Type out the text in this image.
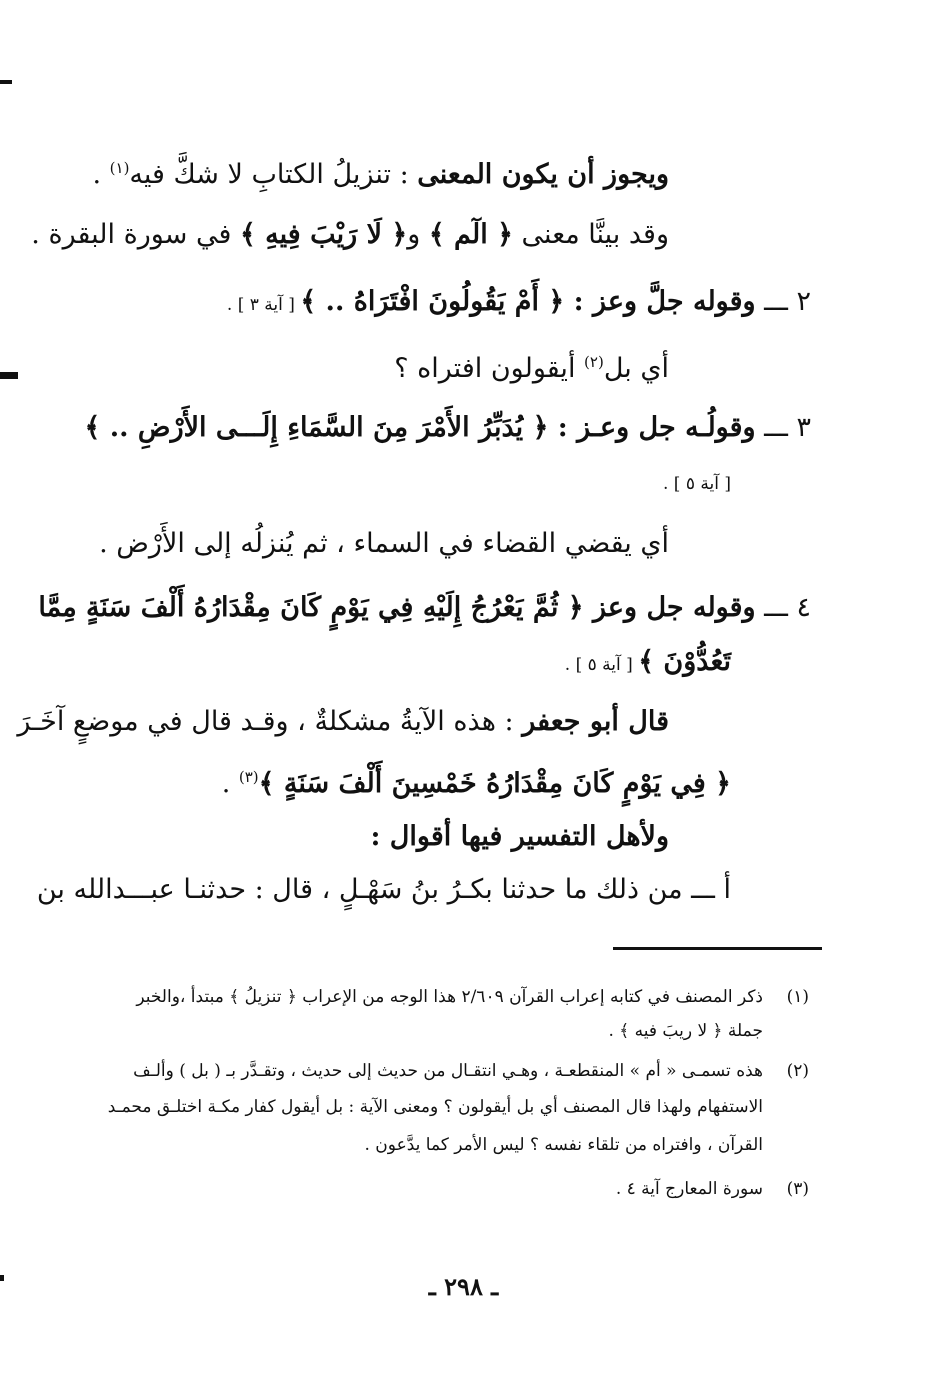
ويجوز أن يكون المعنى : تنزيلُ الكتابِ لا شكَّ فيه$^{(١)}$ .
وقد بينَّا معنى ﴿ الٓم ﴾ و﴿ لَا رَيْبَ فِيهِ ﴾ في سورة البقرة .
٢ ـــ وقوله جلَّ وعز : ﴿ أَمْ يَقُولُونَ افْتَرَاهُ .. ﴾ [ آية ٣ ] .
أي بل$^{(٢)}$ أيقولون افتراه ؟
٣ ـــ وقولُـه جل وعـز : ﴿ يُدَبِّرُ الأَمْرَ مِنَ السَّمَاءِ إِلَـــى الأَرْضِ .. ﴾
[ آية ٥ ] .
أي يقضي القضاء في السماء ، ثم يُنزلُه إلى الأَرْض .
٤ ـــ وقوله جل وعز ﴿ ثُمَّ يَعْرُجُ إِلَيْهِ فِي يَوْمٍ كَانَ مِقْدَارُهُ أَلْفَ سَنَةٍ مِمَّا
تَعُدُّوْنَ ﴾ [ آية ٥ ] .
قال أبو جعفر : هذه الآيةُ مشكلةٌ ، وقـد قال في موضعٍ آخَـرَ
﴿ فِي يَوْمٍ كَانَ مِقْدَارُهُ خَمْسِينَ أَلْفَ سَنَةٍ ﴾$^{(٣)}$ .
ولأهل التفسير فيها أقوال :
أ ـــ من ذلك ما حدثنا بكـرُ بنُ سَهْـلٍ ، قال : حدثنـا عبـــدالله بن
(١)ذكر المصنف في كتابه إعراب القرآن ٢/٦٠٩ هذا الوجه من الإعراب ﴿ تنزيلُ ﴾ مبتدأ ،والخبر
جملة ﴿ لا ريبَ فيه ﴾ .
(٢)هذه تسمـى « أم » المنقطعـة ، وهـي انتقـال من حديث إلى حديث ، وتقـدَّر بـ ( بل ) وألـف
الاستفهام ولهذا قال المصنف أي بل أيقولون ؟ ومعنى الآية : بل أيقول كفار مكـة اختلـق محمـد
القرآن ، وافتراه من تلقاء نفسه ؟ ليس الأمر كما يدَّعون .
(٣)سورة المعارج آية ٤ .
ـ ٢٩٨ ـ
